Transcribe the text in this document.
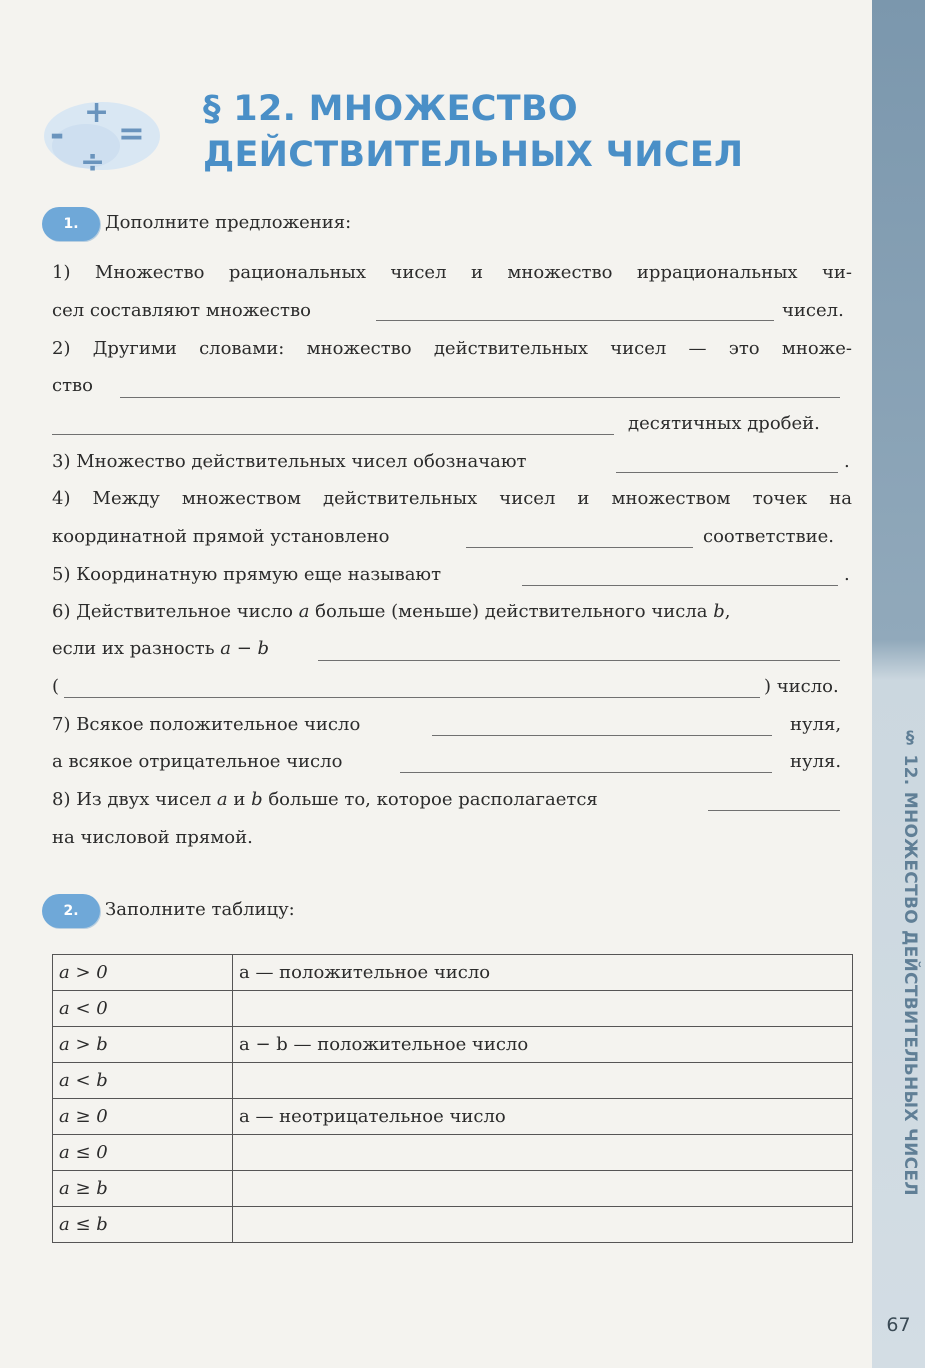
§ 12. МНОЖЕСТВО ДЕЙСТВИТЕЛЬНЫХ ЧИСЕЛ
67
+
- =
÷
§ 12. МНОЖЕСТВО
ДЕЙСТВИТЕЛЬНЫХ ЧИСЕЛ
1.	Дополните предложения:
1) Множество рациональных чисел и множество иррациональных чи-
сел составляют множество	чисел.
2) Другими словами: множество действительных чисел — это множе-
ство
десятичных дробей.
3) Множество действительных чисел обозначают	.
4) Между множеством действительных чисел и множеством точек на
координатной прямой установлено	соответствие.
5) Координатную прямую еще называют	.
6) Действительное число a больше (меньше) действительного числа b,
если их разность a − b
(	) число.
7) Всякое положительное число	нуля,
а всякое отрицательное число	нуля.
8) Из двух чисел a и b больше то, которое располагается
на числовой прямой.
2.	Заполните таблицу:
a > 0	a — положительное число
a < 0	
a > b	a − b — положительное число
a < b	
a ≥ 0	a — неотрицательное число
a ≤ 0	
a ≥ b	
a ≤ b	
